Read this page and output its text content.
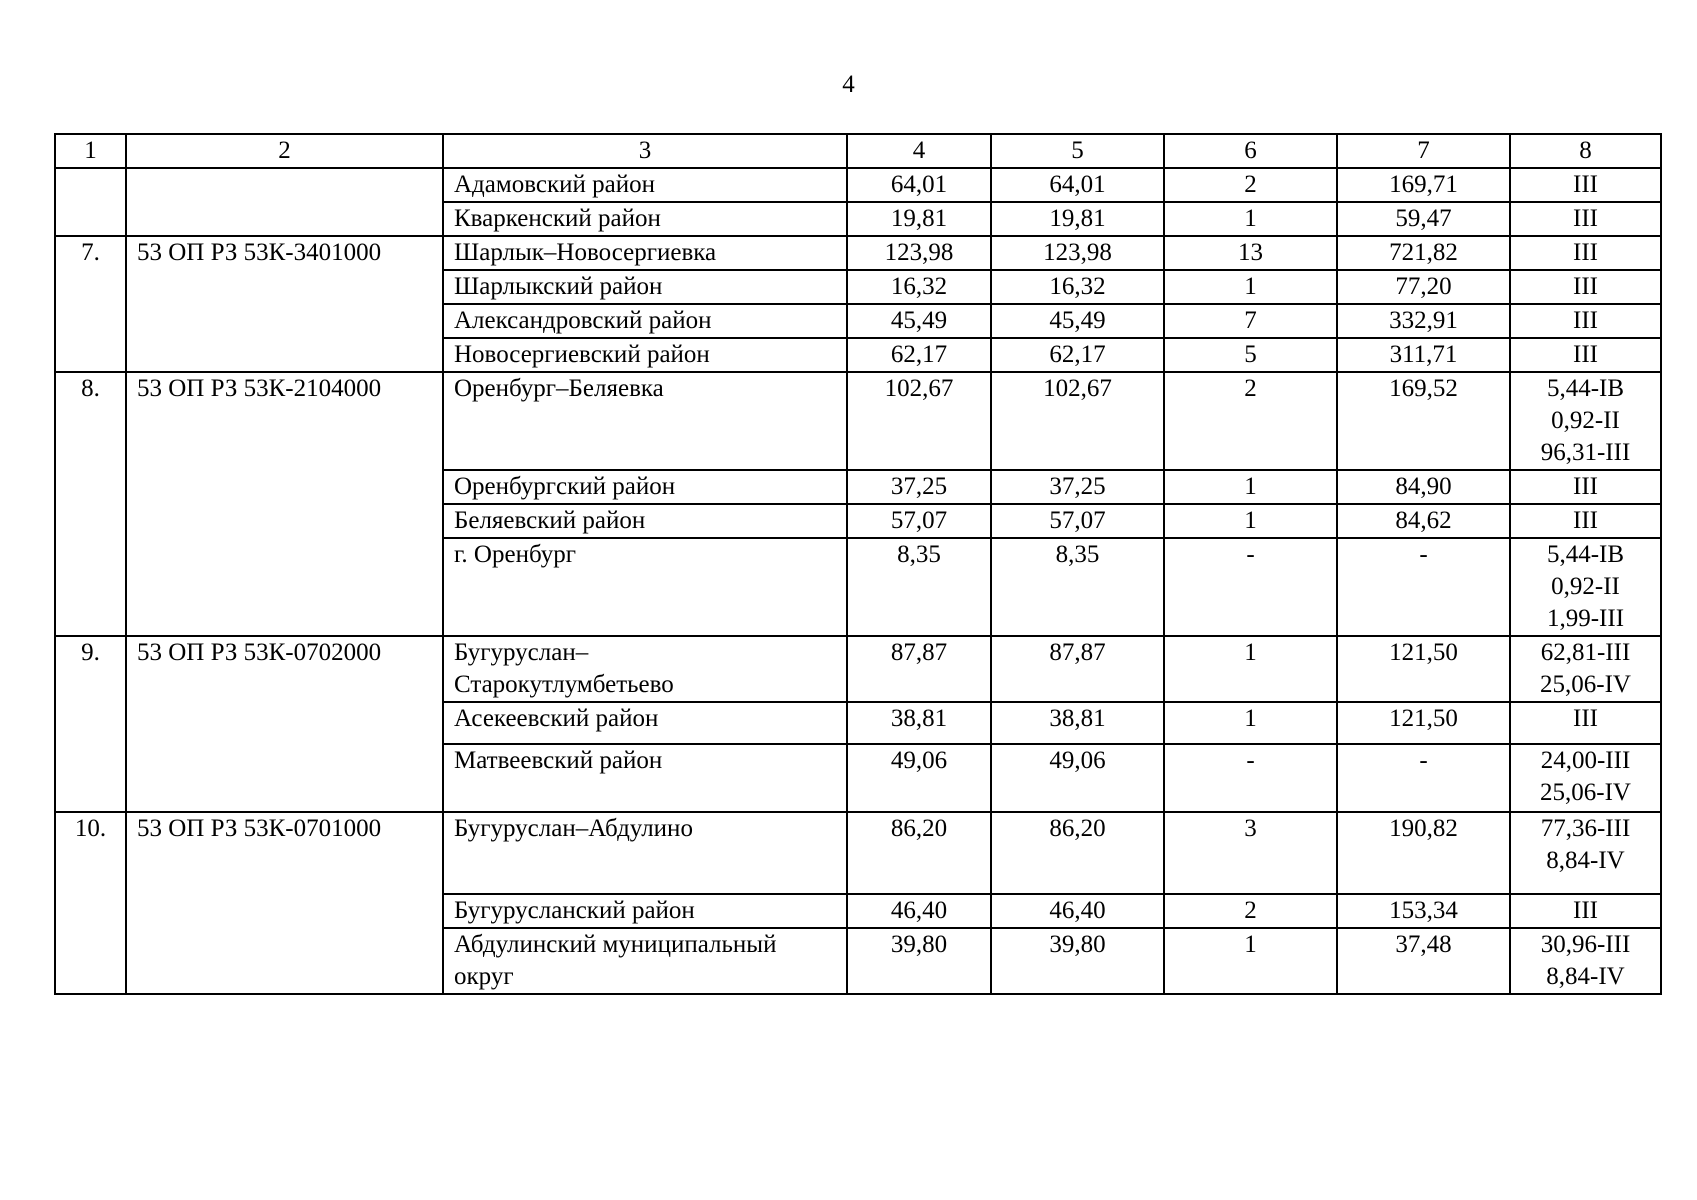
4
1	2	3	4	5	6	7	8
		Адамовский район	64,01	64,01	2	169,71	III
		Кваркенский район	19,81	19,81	1	59,47	III
7.	53 ОП РЗ 53К-3401000	Шарлык–Новосергиевка	123,98	123,98	13	721,82	III
		Шарлыкский район	16,32	16,32	1	77,20	III
		Александровский район	45,49	45,49	7	332,91	III
		Новосергиевский район	62,17	62,17	5	311,71	III
8.	53 ОП РЗ 53К-2104000	Оренбург–Беляевка	102,67	102,67	2	169,52	5,44-IB
0,92-II
96,31-III
		Оренбургский район	37,25	37,25	1	84,90	III
		Беляевский район	57,07	57,07	1	84,62	III
		г. Оренбург	8,35	8,35	-	-	5,44-IB
0,92-II
1,99-III
9.	53 ОП РЗ 53К-0702000	Бугуруслан–
Старокутлумбетьево	87,87	87,87	1	121,50	62,81-III
25,06-IV
		Асекеевский район	38,81	38,81	1	121,50	III
		Матвеевский район	49,06	49,06	-	-	24,00-III
25,06-IV
10.	53 ОП РЗ 53К-0701000	Бугуруслан–Абдулино	86,20	86,20	3	190,82	77,36-III
8,84-IV
		Бугурусланский район	46,40	46,40	2	153,34	III
		Абдулинский муниципальный
округ	39,80	39,80	1	37,48	30,96-III
8,84-IV
